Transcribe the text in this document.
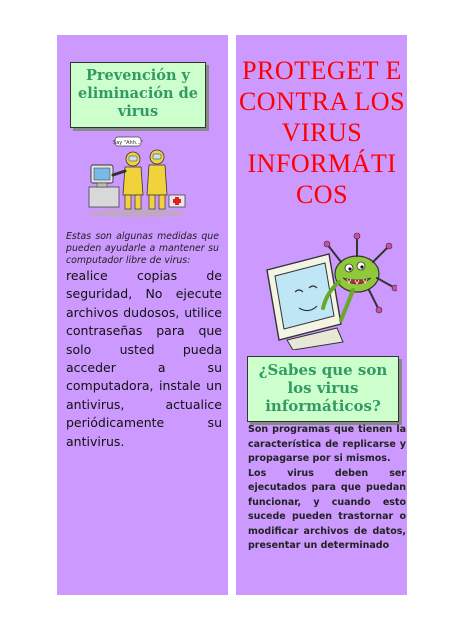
Prevención y eliminación de virus
Say "Ahh..."
Estas son algunas medidas que pueden ayudarle a mantener su computador libre de virus:
realice copias de seguridad, No ejecute archivos dudosos, utilice contraseñas para que solo usted pueda acceder a su computadora, instale un antivirus, actualice periódicamente su antivirus.
PROTEGET E CONTRA LOS VIRUS INFORMÁTI COS
¿Sabes que son los virus informáticos?

Son programas que tienen la característica de replicarse y propagarse por si mismos.

Los virus deben ser ejecutados para que puedan funcionar, y cuando esto sucede pueden trastornar o modificar archivos de datos, presentar un determinado
